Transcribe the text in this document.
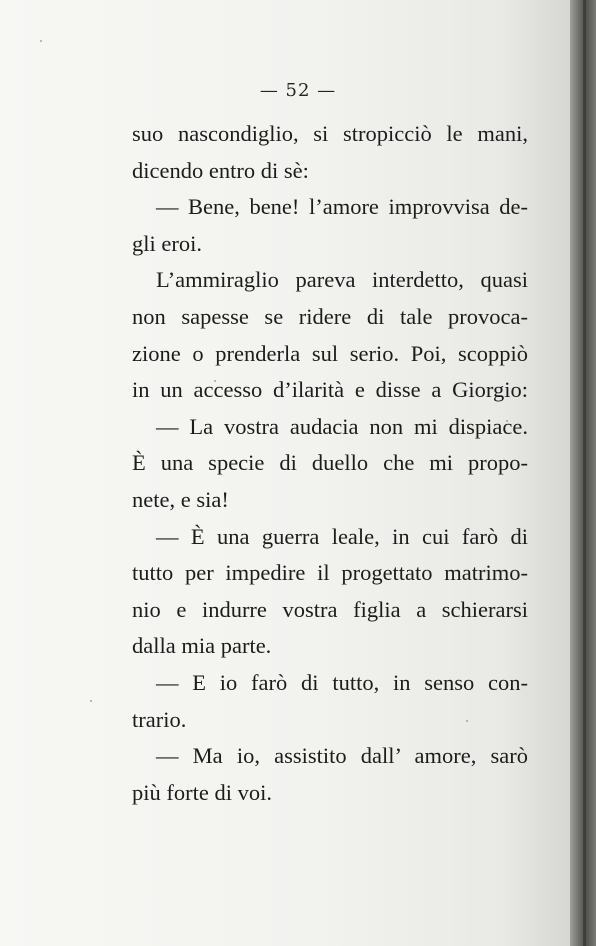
— 52 —
suo nascondiglio, si stropicciò le mani,
dicendo entro di sè:
— Bene, bene! l’amore improvvisa de-
gli eroi.
L’ammiraglio pareva interdetto, quasi
non sapesse se ridere di tale provoca-
zione o prenderla sul serio. Poi, scoppiò
in un accesso d’ilarità e disse a Giorgio:
— La vostra audacia non mi dispiace.
È una specie di duello che mi propo-
nete, e sia!
— È una guerra leale, in cui farò di
tutto per impedire il progettato matrimo-
nio e indurre vostra figlia a schierarsi
dalla mia parte.
— E io farò di tutto, in senso con-
trario.
— Ma io, assistito dall’ amore, sarò
più forte di voi.
